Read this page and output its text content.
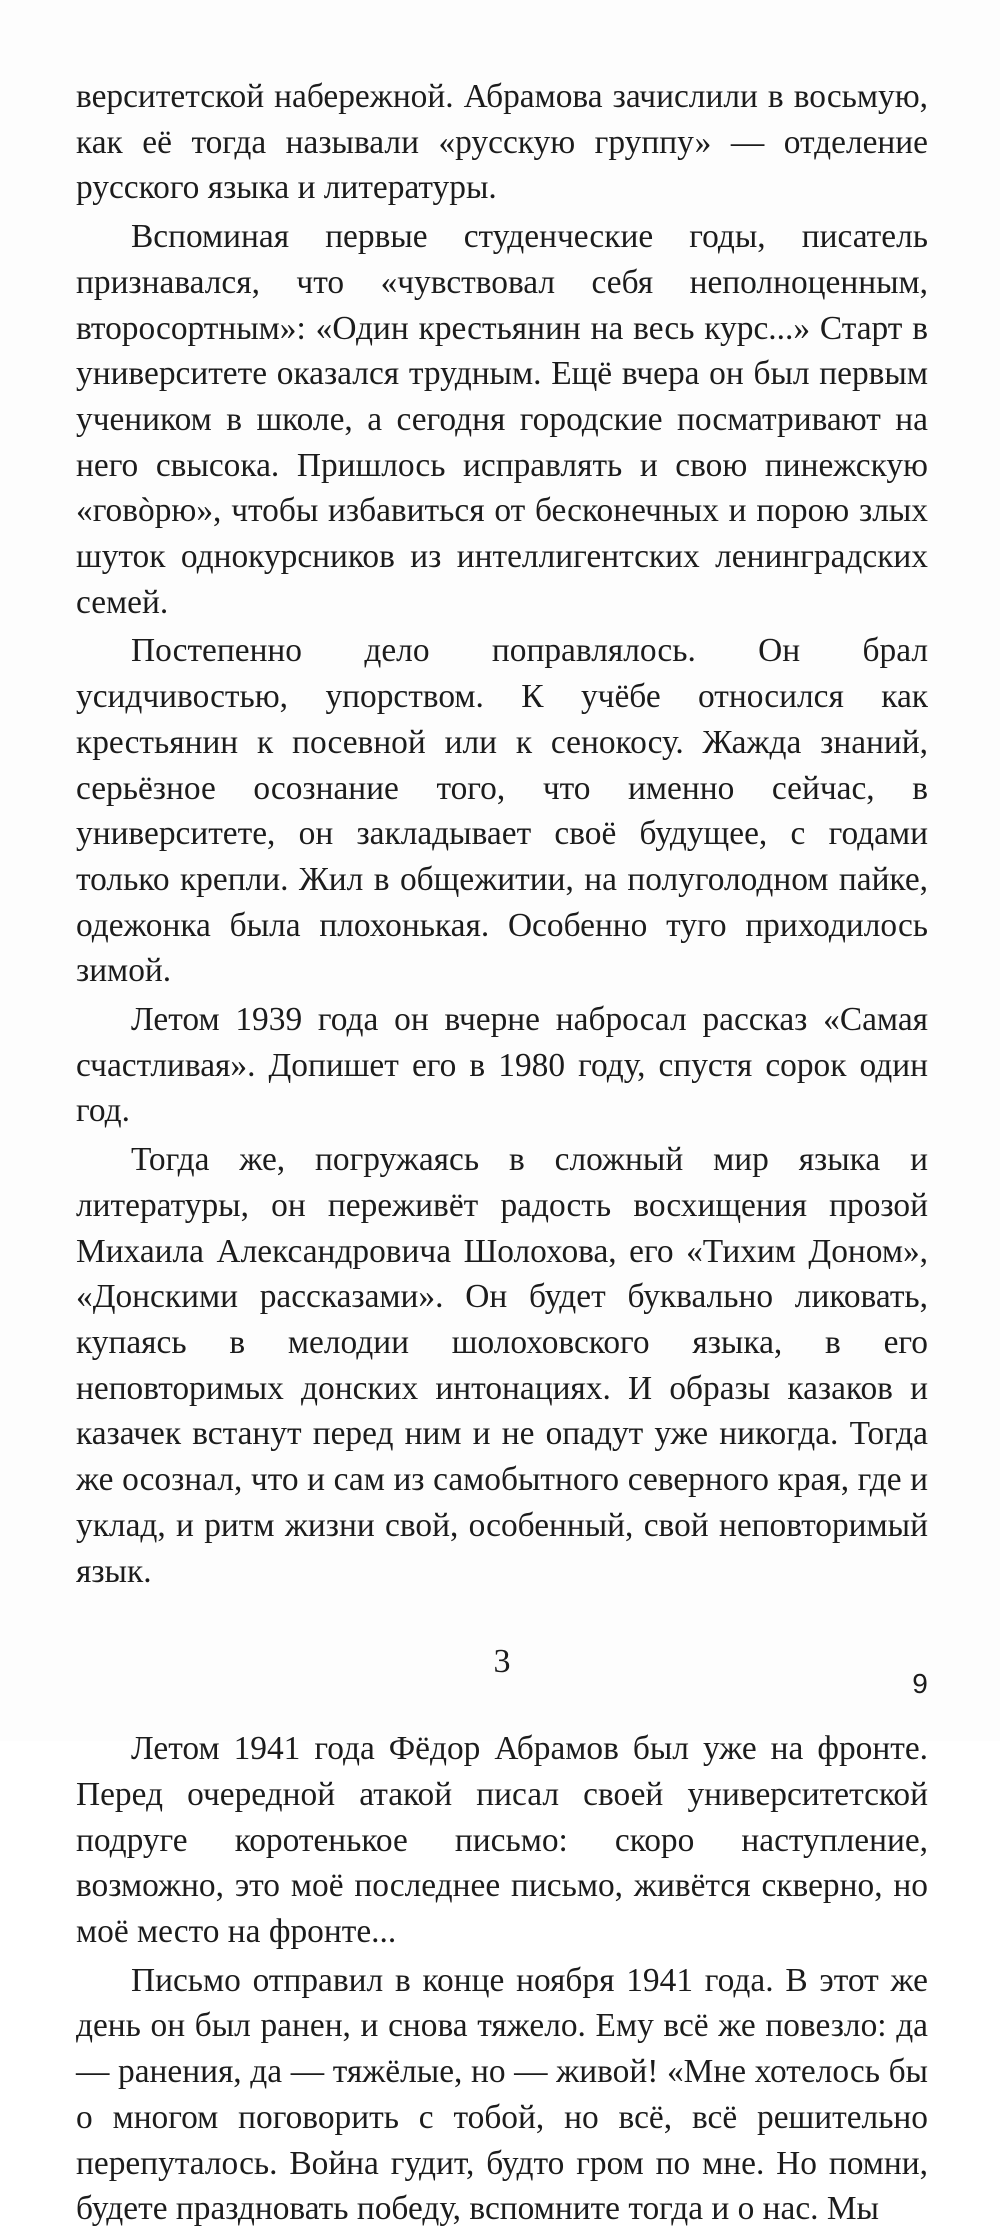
верситетской набережной. Абрамова зачислили в восьмую, как её тогда называли «русскую группу» — отделение русского языка и литературы.

Вспоминая первые студенческие годы, писатель признавался, что «чувствовал себя неполноценным, второсортным»: «Один крестьянин на весь курс...» Старт в университете оказался трудным. Ещё вчера он был первым учеником в школе, а сегодня городские посматривают на него свысока. Пришлось исправлять и свою пинежскую «говòрю», чтобы избавиться от бесконечных и порою злых шуток однокурсников из интеллигентских ленинградских семей.

Постепенно дело поправлялось. Он брал усидчивостью, упорством. К учёбе относился как крестьянин к посевной или к сенокосу. Жажда знаний, серьёзное осознание того, что именно сейчас, в университете, он закладывает своё будущее, с годами только крепли. Жил в общежитии, на полуголодном пайке, одежонка была плохонькая. Особенно туго приходилось зимой.

Летом 1939 года он вчерне набросал рассказ «Самая счастливая». Допишет его в 1980 году, спустя сорок один год.

Тогда же, погружаясь в сложный мир языка и литературы, он переживёт радость восхищения прозой Михаила Александровича Шолохова, его «Тихим Доном», «Донскими рассказами». Он будет буквально ликовать, купаясь в мелодии шолоховского языка, в его неповторимых донских интонациях. И образы казаков и казачек встанут перед ним и не опадут уже никогда. Тогда же осознал, что и сам из самобытного северного края, где и уклад, и ритм жизни свой, особенный, свой неповторимый язык.

3

Летом 1941 года Фёдор Абрамов был уже на фронте. Перед очередной атакой писал своей университетской подруге коротенькое письмо: скоро наступление, возможно, это моё последнее письмо, живётся скверно, но моё место на фронте...

Письмо отправил в конце ноября 1941 года. В этот же день он был ранен, и снова тяжело. Ему всё же повезло: да — ранения, да — тяжёлые, но — живой! «Мне хотелось бы о многом поговорить с тобой, но всё, всё решительно перепуталось. Война гудит, будто гром по мне. Но помни, будете праздновать победу, вспомните тогда и о нас. Мы

9
